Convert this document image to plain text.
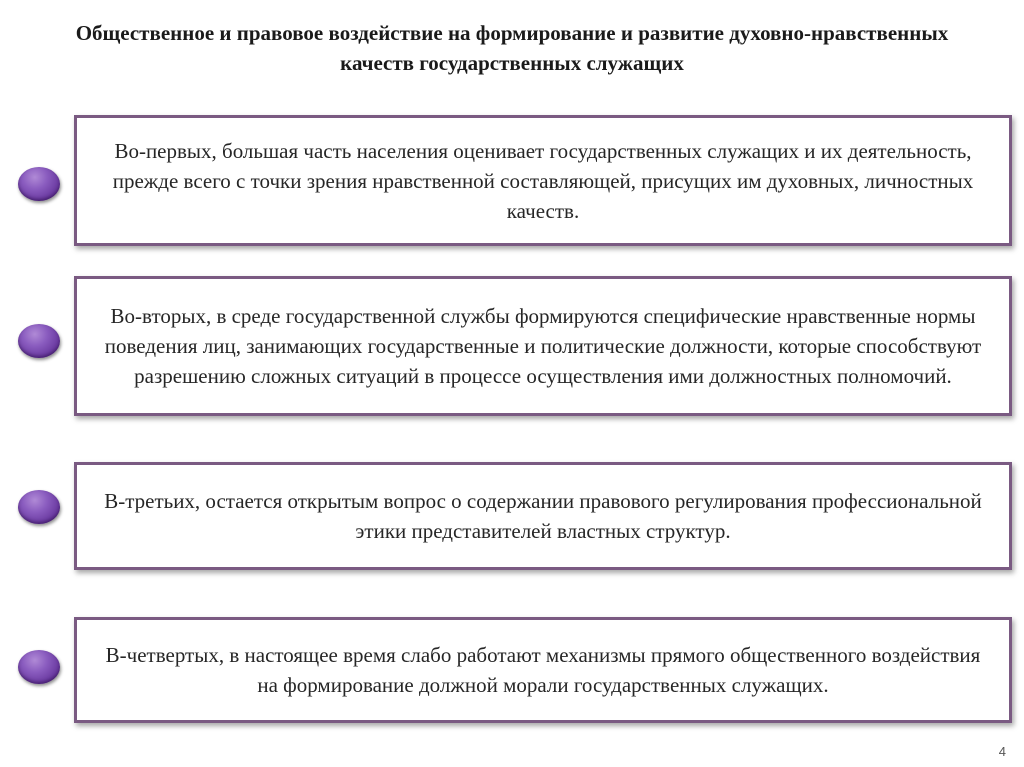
Общественное и правовое воздействие на формирование и развитие духовно-нравственных качеств государственных служащих
Во-первых, большая часть населения оценивает государственных служащих и их деятельность, прежде всего с точки зрения нравственной составляющей, присущих им духовных, личностных качеств.
Во-вторых, в среде государственной службы формируются специфические нравственные нормы поведения лиц, занимающих государственные и политические должности, которые способствуют разрешению сложных ситуаций в процессе осуществления ими должностных полномочий.
В-третьих, остается открытым вопрос о содержании правового регулирования профессиональной этики представителей властных структур.
В-четвертых, в настоящее время слабо работают механизмы прямого общественного воздействия на формирование должной морали государственных служащих.
4
